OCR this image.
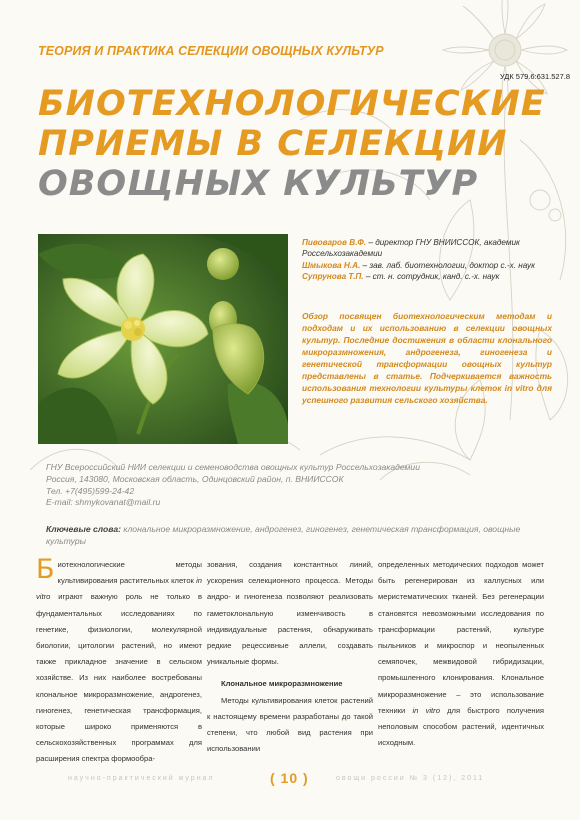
ТЕОРИЯ И ПРАКТИКА СЕЛЕКЦИИ ОВОЩНЫХ КУЛЬТУР
УДК 579.6:631.527.8
БИОТЕХНОЛОГИЧЕСКИЕ
ПРИЕМЫ В СЕЛЕКЦИИ
ОВОЩНЫХ КУЛЬТУР
Пивоваров В.Ф. – директор ГНУ ВНИИССОК, академик Россельхозакадемии
Шмыкова Н.А. – зав. лаб. биотехнологии, доктор с.-х. наук
Супрунова Т.П. – ст. н. сотрудник, канд. с.-х. наук
Обзор посвящен биотехнологическим методам и подходам и их использованию в селекции овощных культур. Последние достижения в области клонального микроразмножения, андрогенеза, гиногенеза и генетической трансформации овощных культур представлены в статье. Подчеркивается важность использования технологии культуры клеток in vitro для успешного развития сельского хозяйства.
ГНУ Всероссийский НИИ селекции и семеноводства овощных культур Россельхозакадемии
Россия, 143080, Московская область, Одинцовский район, п. ВНИИССОК
Тел. +7(495)599-24-42
E-mail: shmykovanat@mail.ru
Ключевые слова: клональное микроразмножение, андрогенез, гиногенез, генетическая трансформация, овощные культуры
Биотехнологические методы культивирования растительных клеток in vitro играют важную роль не только в фундаментальных исследованиях по генетике, физиологии, молекулярной биологии, цитологии растений, но имеют также прикладное значение в сельском хозяйстве. Из них наиболее востребованы клональное микроразмножение, андрогенез, гиногенез, генетическая трансформация, которые широко применяются в сельскохозяйственных программах для расширения спектра формообра-
зования, создания константных линий, ускорения селекционного процесса. Методы андро- и гиногенеза позволяют реализовать гаметоклональную изменчивость в индивидуальные растения, обнаруживать редкие рецессивные аллели, создавать уникальные формы.
Клональное микроразмножение
Методы культивирования клеток растений к настоящему времени разработаны до такой степени, что любой вид растения при использовании
определенных методических подходов может быть регенерирован из каллусных или меристематических тканей. Без регенерации становятся невозможными исследования по трансформации растений, культуре пыльников и микроспор и неопыленных семяпочек, межвидовой гибридизации, промышленного клонирования. Клональное микроразмножение – это использование техники in vitro для быстрого получения неполовым способом растений, идентичных исходным.
научно-практический журнал	( 10 )	овощи россии № 3 (12), 2011
